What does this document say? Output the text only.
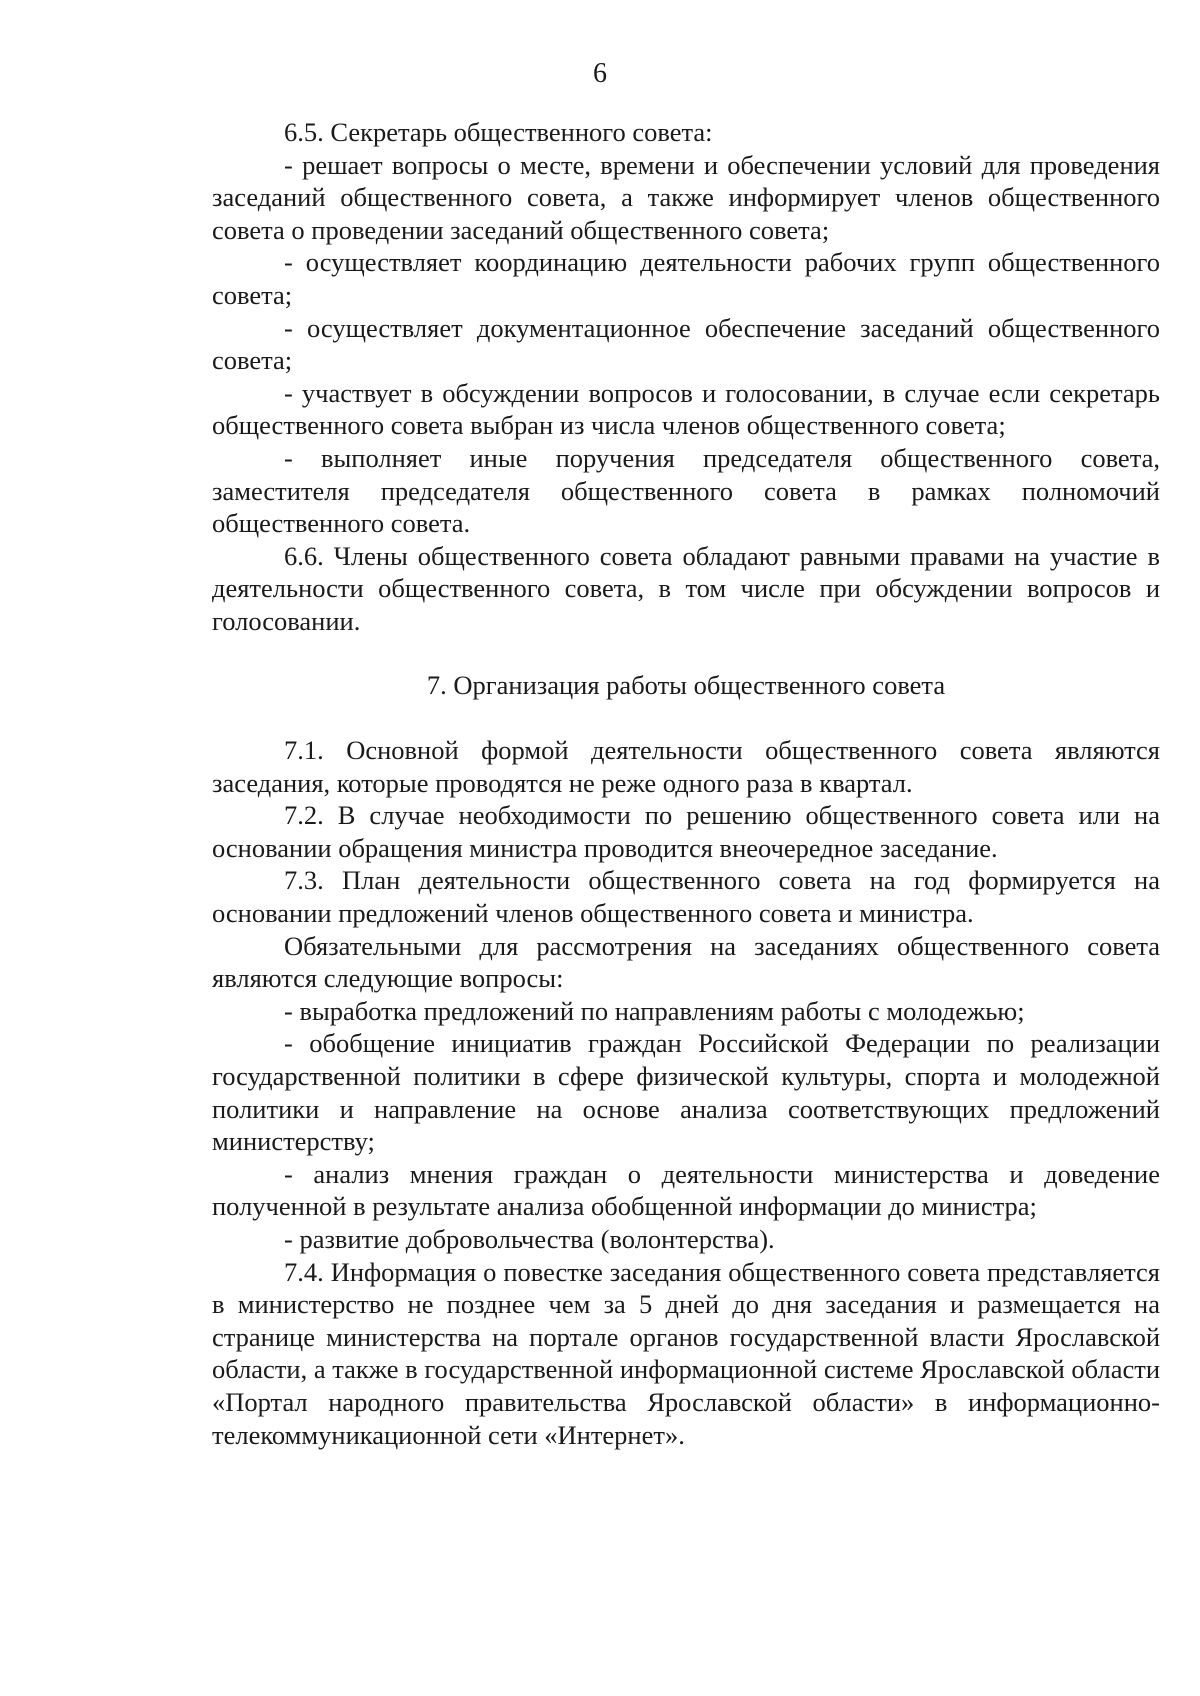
6

6.5. Секретарь общественного совета:

- решает вопросы о месте, времени и обеспечении условий для проведения заседаний общественного совета, а также информирует членов общественного совета о проведении заседаний общественного совета;

- осуществляет координацию деятельности рабочих групп общественного совета;

- осуществляет документационное обеспечение заседаний общественного совета;

- участвует в обсуждении вопросов и голосовании, в случае если секретарь общественного совета выбран из числа членов общественного совета;

- выполняет иные поручения председателя общественного совета, заместителя председателя общественного совета в рамках полномочий общественного совета.

6.6. Члены общественного совета обладают равными правами на участие в деятельности общественного совета, в том числе при обсуждении вопросов и голосовании.

7. Организация работы общественного совета

7.1. Основной формой деятельности общественного совета являются заседания, которые проводятся не реже одного раза в квартал.

7.2. В случае необходимости по решению общественного совета или на основании обращения министра проводится внеочередное заседание.

7.3. План деятельности общественного совета на год формируется на основании предложений членов общественного совета и министра.

Обязательными для рассмотрения на заседаниях общественного совета являются следующие вопросы:

- выработка предложений по направлениям работы с молодежью;

- обобщение инициатив граждан Российской Федерации по реализации государственной политики в сфере физической культуры, спорта и молодежной политики и направление на основе анализа соответствующих предложений министерству;

- анализ мнения граждан о деятельности министерства и доведение полученной в результате анализа обобщенной информации до министра;

- развитие добровольчества (волонтерства).

7.4. Информация о повестке заседания общественного совета представляется в министерство не позднее чем за 5 дней до дня заседания и размещается на странице министерства на портале органов государственной власти Ярославской области, а также в государственной информационной системе Ярославской области «Портал народного правительства Ярославской области» в информационно-телекоммуникационной сети «Интернет».
